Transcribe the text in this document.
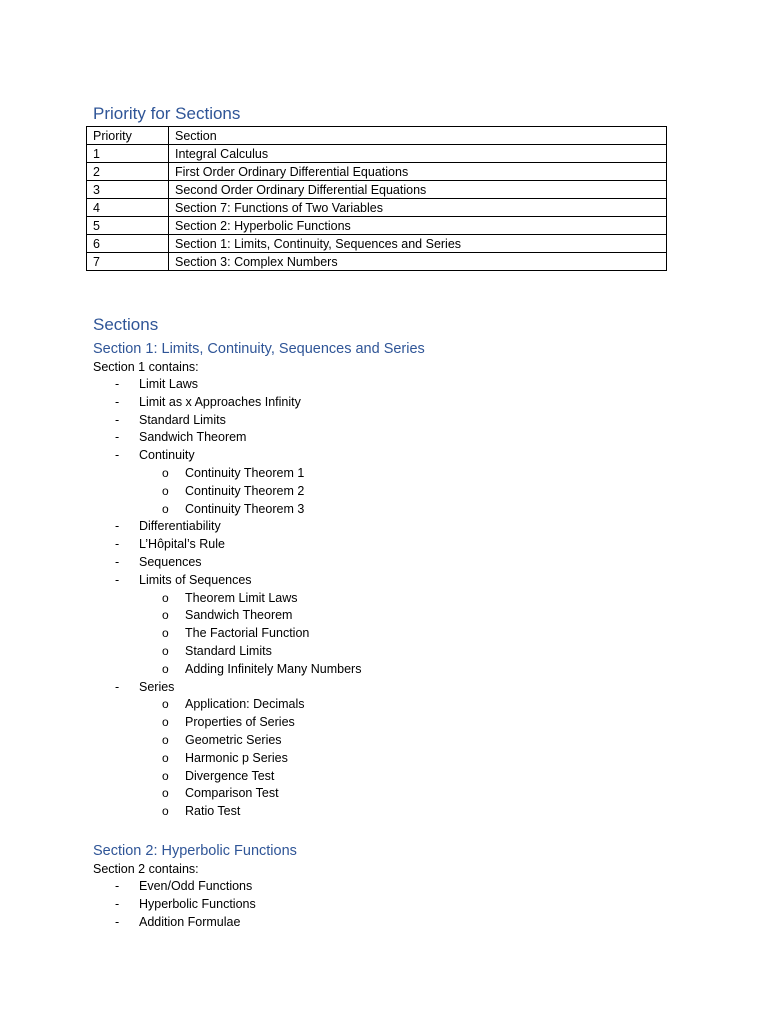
Priority for Sections
Priority	Section
1	Integral Calculus
2	First Order Ordinary Differential Equations
3	Second Order Ordinary Differential Equations
4	Section 7: Functions of Two Variables
5	Section 2: Hyperbolic Functions
6	Section 1: Limits, Continuity, Sequences and Series
7	Section 3: Complex Numbers
Sections
Section 1: Limits, Continuity, Sequences and Series

Section 1 contains:

- Limit Laws
- Limit as x Approaches Infinity
- Standard Limits
- Sandwich Theorem
- Continuity
o Continuity Theorem 1
o Continuity Theorem 2
o Continuity Theorem 3
- Differentiability
- L’Hôpital’s Rule
- Sequences
- Limits of Sequences
o Theorem Limit Laws
o Sandwich Theorem
o The Factorial Function
o Standard Limits
o Adding Infinitely Many Numbers
- Series
o Application: Decimals
o Properties of Series
o Geometric Series
o Harmonic p Series
o Divergence Test
o Comparison Test
o Ratio Test
Section 2: Hyperbolic Functions

Section 2 contains:

- Even/Odd Functions
- Hyperbolic Functions
- Addition Formulae
